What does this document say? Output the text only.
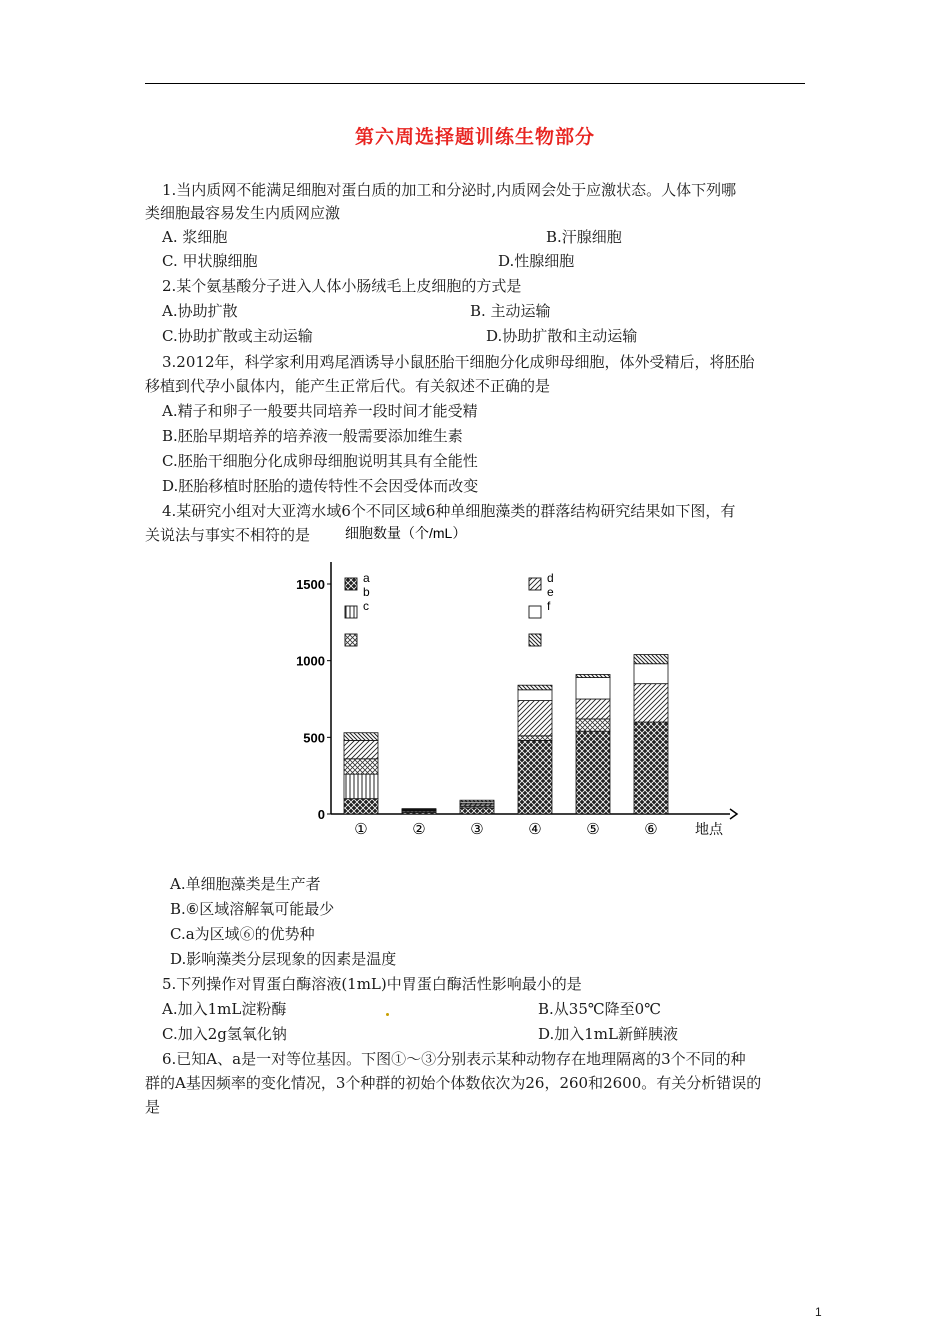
第六周选择题训练生物部分
1.当内质网不能满足细胞对蛋白质的加工和分泌时,内质网会处于应激状态。人体下列哪
类细胞最容易发生内质网应激
A. 浆细胞	B.汗腺细胞
C. 甲状腺细胞	D.性腺细胞
2.某个氨基酸分子进入人体小肠绒毛上皮细胞的方式是
A.协助扩散	B. 主动运输
C.协助扩散或主动运输	D.协助扩散和主动运输
3.2012年，科学家利用鸡尾酒诱导小鼠胚胎干细胞分化成卵母细胞，体外受精后，将胚胎
移植到代孕小鼠体内，能产生正常后代。有关叙述不正确的是
A.精子和卵子一般要共同培养一段时间才能受精
B.胚胎早期培养的培养液一般需要添加维生素
C.胚胎干细胞分化成卵母细胞说明其具有全能性
D.胚胎移植时胚胎的遗传特性不会因受体而改变
4.某研究小组对大亚湾水域6个不同区域6种单细胞藻类的群落结构研究结果如下图，有
关说法与事实不相符的是 细胞数量（个/mL）
地点
0
500
1000
1500
①	②	③	④	⑤	⑥
a
b
c
d
e
f
A.单细胞藻类是生产者
B.⑥区域溶解氧可能最少
C.a为区域⑥的优势种
D.影响藻类分层现象的因素是温度
5.下列操作对胃蛋白酶溶液(1mL)中胃蛋白酶活性影响最小的是
A.加入1mL淀粉酶	B.从35℃降至0℃
C.加入2g氢氧化钠	D.加入1mL新鲜胰液
6.已知A、a是一对等位基因。下图①～③分别表示某种动物存在地理隔离的3个不同的种
群的A基因频率的变化情况，3个种群的初始个体数依次为26，260和2600。有关分析错误的
是
1
